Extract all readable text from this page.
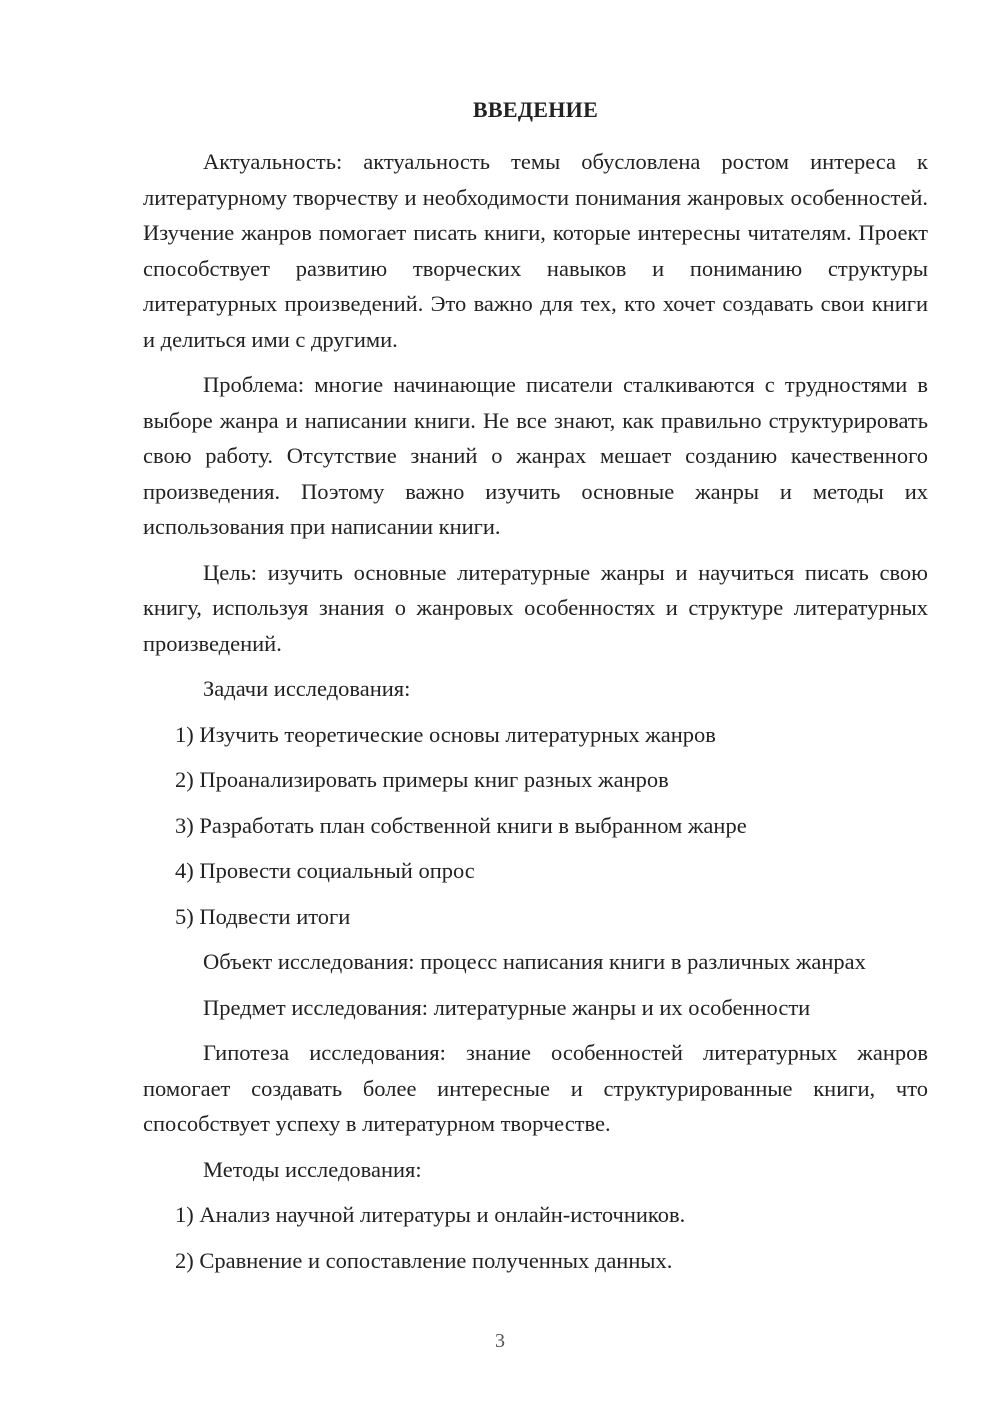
ВВЕДЕНИЕ

Актуальность: актуальность темы обусловлена ростом интереса к литературному творчеству и необходимости понимания жанровых особенностей. Изучение жанров помогает писать книги, которые интересны читателям. Проект способствует развитию творческих навыков и пониманию структуры литературных произведений. Это важно для тех, кто хочет создавать свои книги и делиться ими с другими.

Проблема: многие начинающие писатели сталкиваются с трудностями в выборе жанра и написании книги. Не все знают, как правильно структурировать свою работу. Отсутствие знаний о жанрах мешает созданию качественного произведения. Поэтому важно изучить основные жанры и методы их использования при написании книги.

Цель: изучить основные литературные жанры и научиться писать свою книгу, используя знания о жанровых особенностях и структуре литературных произведений.

Задачи исследования:

1) Изучить теоретические основы литературных жанров
2) Проанализировать примеры книг разных жанров
3) Разработать план собственной книги в выбранном жанре
4) Провести социальный опрос
5) Подвести итоги

Объект исследования: процесс написания книги в различных жанрах

Предмет исследования: литературные жанры и их особенности

Гипотеза исследования: знание особенностей литературных жанров помогает создавать более интересные и структурированные книги, что способствует успеху в литературном творчестве.

Методы исследования:

1) Анализ научной литературы и онлайн-источников.
2) Сравнение и сопоставление полученных данных.
3
